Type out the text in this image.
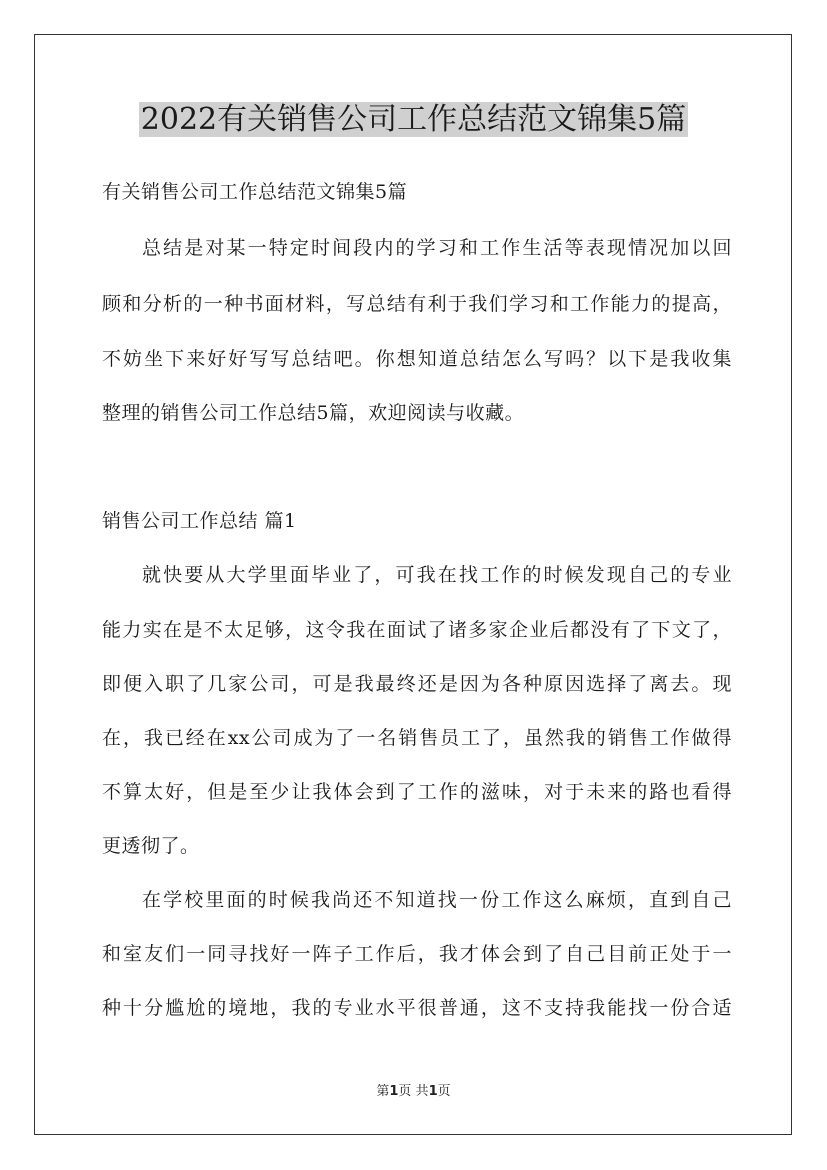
2022有关销售公司工作总结范文锦集5篇
有关销售公司工作总结范文锦集5篇
总结是对某一特定时间段内的学习和工作生活等表现情况加以回
顾和分析的一种书面材料，写总结有利于我们学习和工作能力的提高，
不妨坐下来好好写写总结吧。你想知道总结怎么写吗？以下是我收集
整理的销售公司工作总结5篇，欢迎阅读与收藏。
销售公司工作总结 篇1
就快要从大学里面毕业了，可我在找工作的时候发现自己的专业
能力实在是不太足够，这令我在面试了诸多家企业后都没有了下文了，
即便入职了几家公司，可是我最终还是因为各种原因选择了离去。现
在，我已经在xx公司成为了一名销售员工了，虽然我的销售工作做得
不算太好，但是至少让我体会到了工作的滋味，对于未来的路也看得
更透彻了。
在学校里面的时候我尚还不知道找一份工作这么麻烦，直到自己
和室友们一同寻找好一阵子工作后，我才体会到了自己目前正处于一
种十分尴尬的境地，我的专业水平很普通，这不支持我能找一份合适
第1页 共1页
